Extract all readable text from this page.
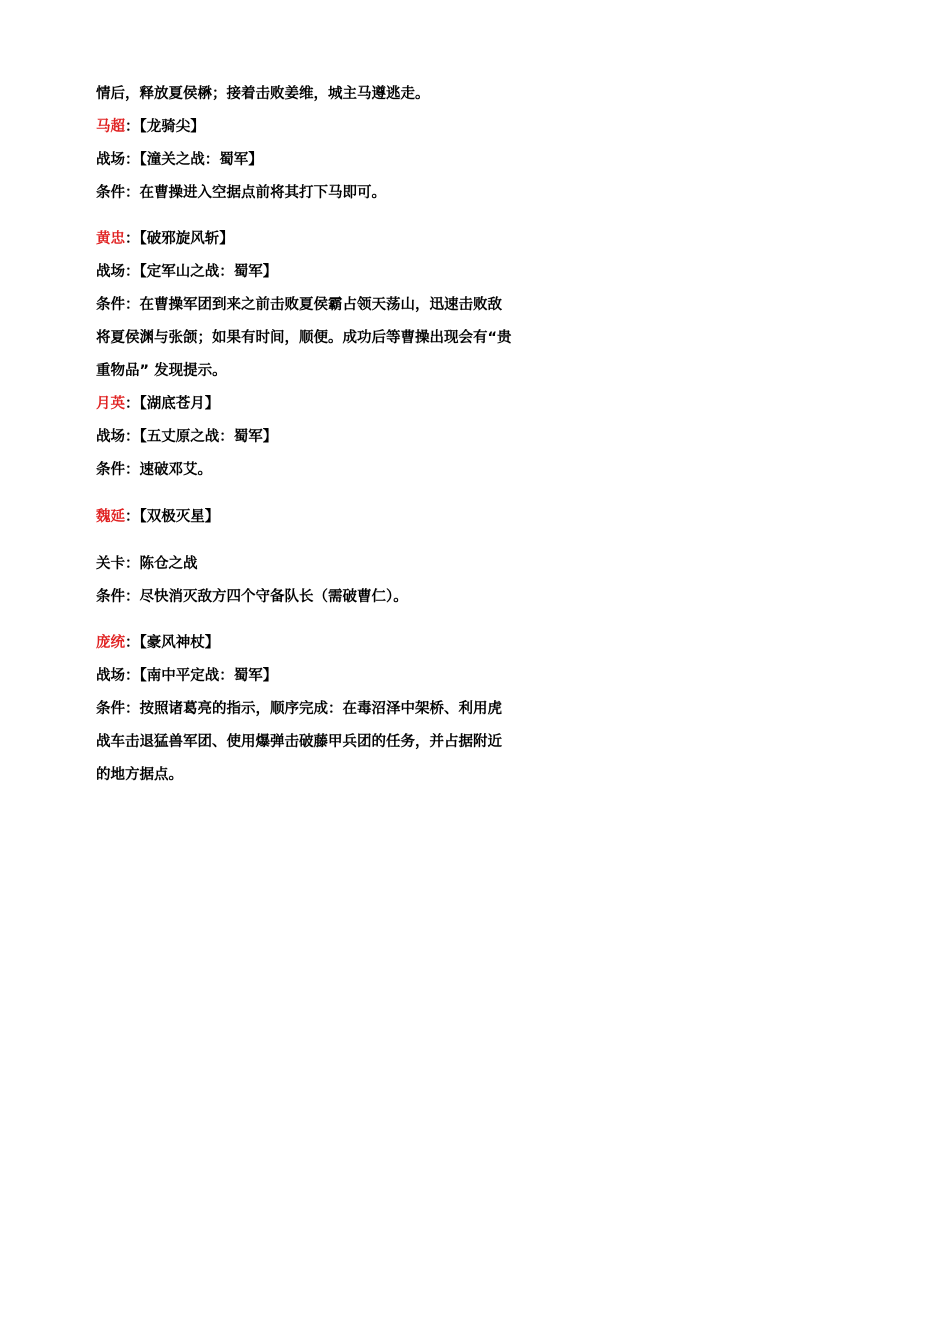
情后，释放夏侯楙；接着击败姜维，城主马遵逃走。
马超：【龙骑尖】
战场：【潼关之战：蜀军】
条件：在曹操进入空据点前将其打下马即可。
黄忠：【破邪旋风斩】
战场：【定军山之战：蜀军】
条件：在曹操军团到来之前击败夏侯霸占领天荡山，迅速击败敌
将夏侯渊与张颌；如果有时间，顺便。成功后等曹操出现会有“贵
重物品” 发现提示。
月英：【湖底苍月】
战场：【五丈原之战：蜀军】
条件：速破邓艾。
魏延：【双极灭星】
关卡：陈仓之战
条件：尽快消灭敌方四个守备队长（需破曹仁）。
庞统：【豪风神杖】
战场：【南中平定战：蜀军】
条件：按照诸葛亮的指示，顺序完成：在毒沼泽中架桥、利用虎
战车击退猛兽军团、使用爆弹击破藤甲兵团的任务，并占据附近
的地方据点。
